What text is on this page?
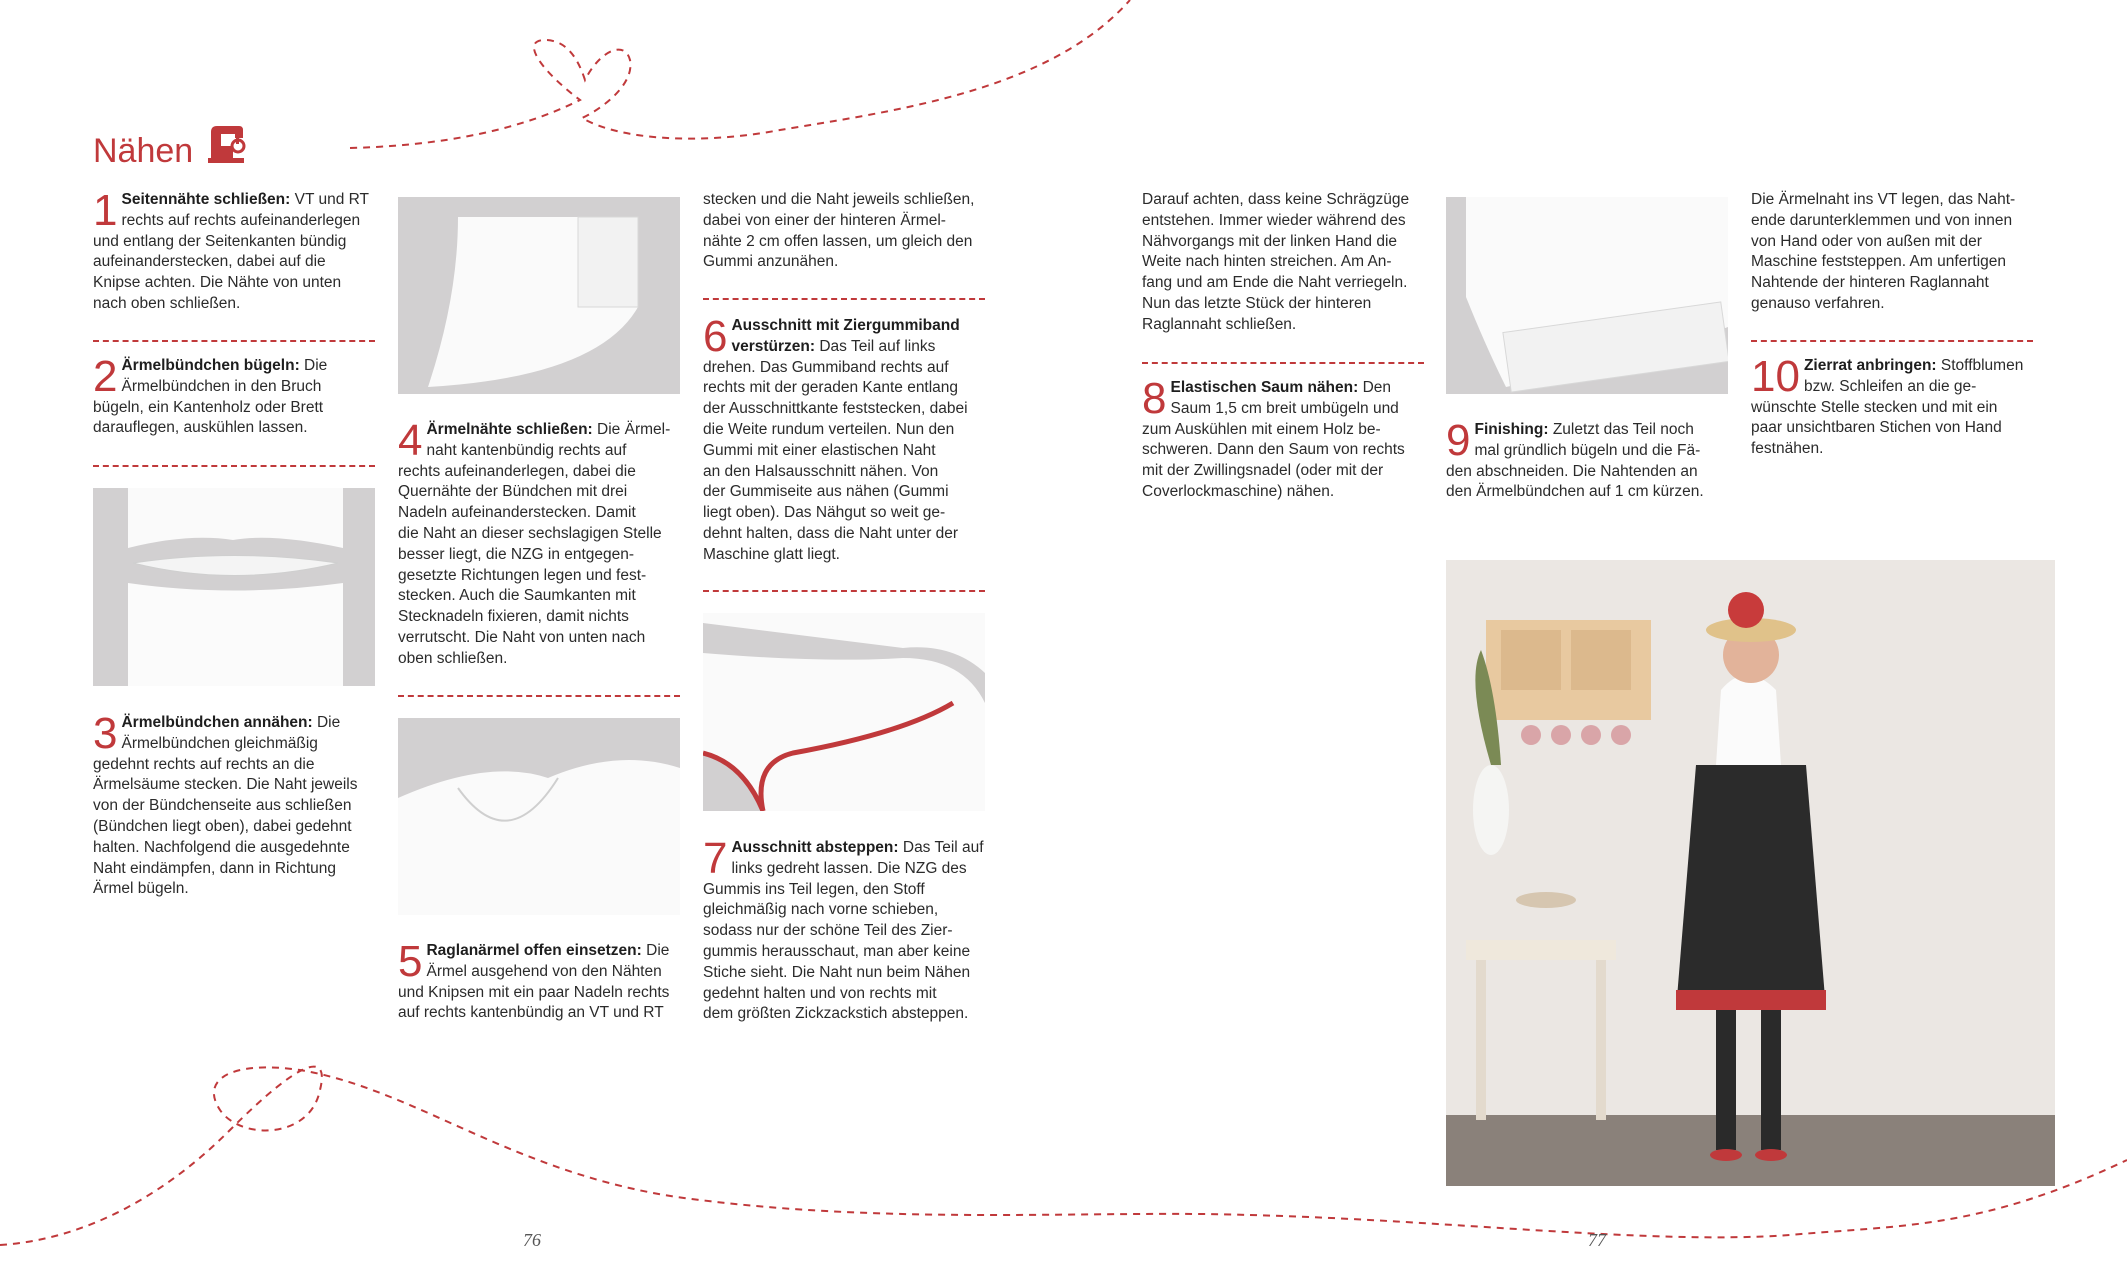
Nähen
1 Seitennähte schließen: VT und RT
rechts auf rechts aufeinanderlegen
und entlang der Seitenkanten bündig
aufeinanderstecken, dabei auf die
Knipse achten. Die Nähte von unten
nach oben schließen.

2 Ärmelbündchen bügeln: Die
Ärmelbündchen in den Bruch
bügeln, ein Kantenholz oder Brett
darauflegen, auskühlen lassen.

3 Ärmelbündchen annähen: Die
Ärmelbündchen gleichmäßig
gedehnt rechts auf rechts an die
Ärmelsäume stecken. Die Naht jeweils
von der Bündchenseite aus schließen
(Bündchen liegt oben), dabei gedehnt
halten. Nachfolgend die ausgedehnte
Naht eindämpfen, dann in Richtung
Ärmel bügeln.

4 Ärmelnähte schließen: Die Ärmel-
naht kantenbündig rechts auf
rechts aufeinanderlegen, dabei die
Quernähte der Bündchen mit drei
Nadeln aufeinanderstecken. Damit
die Naht an dieser sechslagigen Stelle
besser liegt, die NZG in entgegen-
gesetzte Richtungen legen und fest-
stecken. Auch die Saumkanten mit
Stecknadeln fixieren, damit nichts
verrutscht. Die Naht von unten nach
oben schließen.

5 Raglanärmel offen einsetzen: Die
Ärmel ausgehend von den Nähten
und Knipsen mit ein paar Nadeln rechts
auf rechts kantenbündig an VT und RT

stecken und die Naht jeweils schließen,
dabei von einer der hinteren Ärmel-
nähte 2 cm offen lassen, um gleich den
Gummi anzunähen.

6 Ausschnitt mit Ziergummiband
verstürzen: Das Teil auf links
drehen. Das Gummiband rechts auf
rechts mit der geraden Kante entlang
der Ausschnittkante feststecken, dabei
die Weite rundum verteilen. Nun den
Gummi mit einer elastischen Naht
an den Halsausschnitt nähen. Von
der Gummiseite aus nähen (Gummi
liegt oben). Das Nähgut so weit ge-
dehnt halten, dass die Naht unter der
Maschine glatt liegt.

7 Ausschnitt absteppen: Das Teil auf
links gedreht lassen. Die NZG des
Gummis ins Teil legen, den Stoff
gleichmäßig nach vorne schieben,
sodass nur der schöne Teil des Zier-
gummis herausschaut, man aber keine
Stiche sieht. Die Naht nun beim Nähen
gedehnt halten und von rechts mit
dem größten Zickzackstich absteppen.

Darauf achten, dass keine Schrägzüge
entstehen. Immer wieder während des
Nähvorgangs mit der linken Hand die
Weite nach hinten streichen. Am An-
fang und am Ende die Naht verriegeln.
Nun das letzte Stück der hinteren
Raglannaht schließen.

8 Elastischen Saum nähen: Den
Saum 1,5 cm breit umbügeln und
zum Auskühlen mit einem Holz be-
schweren. Dann den Saum von rechts
mit der Zwillingsnadel (oder mit der
Coverlockmaschine) nähen.

9 Finishing: Zuletzt das Teil noch
mal gründlich bügeln und die Fä-
den abschneiden. Die Nahtenden an
den Ärmelbündchen auf 1 cm kürzen.

Die Ärmelnaht ins VT legen, das Naht-
ende darunterklemmen und von innen
von Hand oder von außen mit der
Maschine feststeppen. Am unfertigen
Nahtende der hinteren Raglannaht
genauso verfahren.

10 Zierrat anbringen: Stoffblumen
bzw. Schleifen an die ge-
wünschte Stelle stecken und mit ein
paar unsichtbaren Stichen von Hand
festnähen.

76	77
